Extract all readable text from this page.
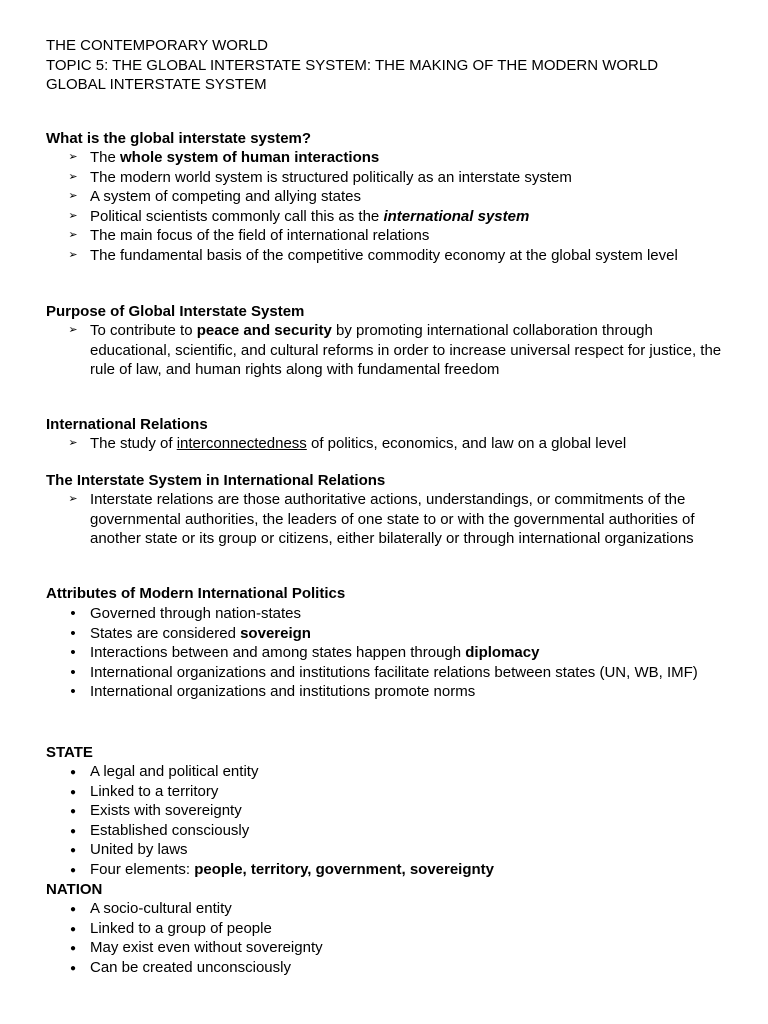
THE CONTEMPORARY WORLD
TOPIC 5: THE GLOBAL INTERSTATE SYSTEM: THE MAKING OF THE MODERN WORLD
GLOBAL INTERSTATE SYSTEM
What is the global interstate system?
➢ The whole system of human interactions
➢ The modern world system is structured politically as an interstate system
➢ A system of competing and allying states
➢ Political scientists commonly call this as the international system
➢ The main focus of the field of international relations
➢ The fundamental basis of the competitive commodity economy at the global system level
Purpose of Global Interstate System
➢ To contribute to peace and security by promoting international collaboration through educational, scientific, and cultural reforms in order to increase universal respect for justice, the rule of law, and human rights along with fundamental freedom
International Relations
➢ The study of interconnectedness of politics, economics, and law on a global level
The Interstate System in International Relations
➢ Interstate relations are those authoritative actions, understandings, or commitments of the governmental authorities, the leaders of one state to or with the governmental authorities of another state or its group or citizens, either bilaterally or through international organizations
Attributes of Modern International Politics
• Governed through nation-states
• States are considered sovereign
• Interactions between and among states happen through diplomacy
• International organizations and institutions facilitate relations between states (UN, WB, IMF)
• International organizations and institutions promote norms
STATE
● A legal and political entity
● Linked to a territory
● Exists with sovereignty
● Established consciously
● United by laws
● Four elements: people, territory, government, sovereignty
NATION
● A socio-cultural entity
● Linked to a group of people
● May exist even without sovereignty
● Can be created unconsciously
